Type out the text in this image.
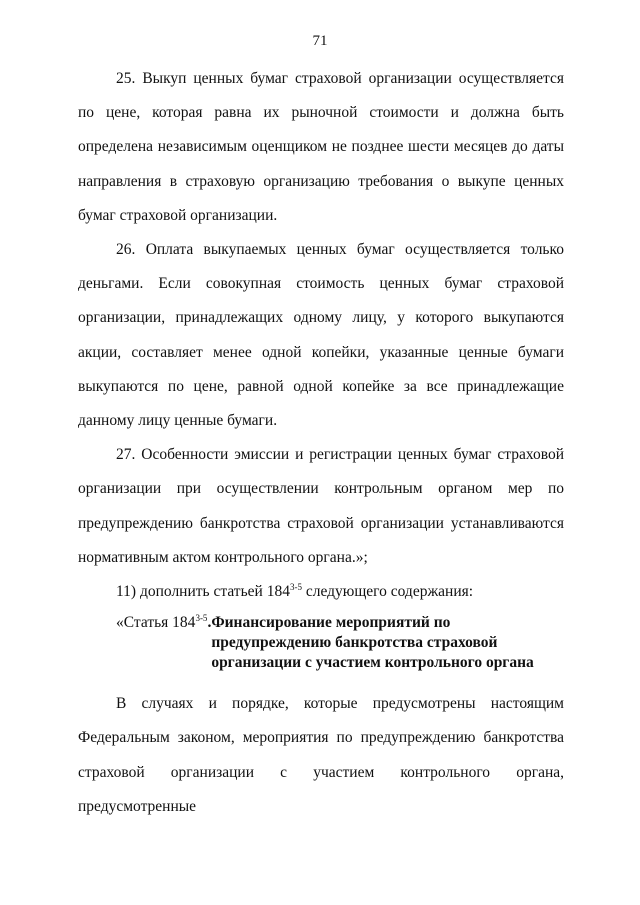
71

25. Выкуп ценных бумаг страховой организации осуществляется по цене, которая равна их рыночной стоимости и должна быть определена независимым оценщиком не позднее шести месяцев до даты направления в страховую организацию требования о выкупе ценных бумаг страховой организации.

26. Оплата выкупаемых ценных бумаг осуществляется только деньгами. Если совокупная стоимость ценных бумаг страховой организации, принадлежащих одному лицу, у которого выкупаются акции, составляет менее одной копейки, указанные ценные бумаги выкупаются по цене, равной одной копейке за все принадлежащие данному лицу ценные бумаги.

27. Особенности эмиссии и регистрации ценных бумаг страховой организации при осуществлении контрольным органом мер по предупреждению банкротства страховой организации устанавливаются нормативным актом контрольного органа.»;

11) дополнить статьей 184$^{3-5}$ следующего содержания:

«Статья 184$^{3-5}$. Финансирование мероприятий по
предупреждению банкротства страховой
организации с участием контрольного органа

В случаях и порядке, которые предусмотрены настоящим Федеральным законом, мероприятия по предупреждению банкротства страховой организации с участием контрольного органа, предусмотренные
